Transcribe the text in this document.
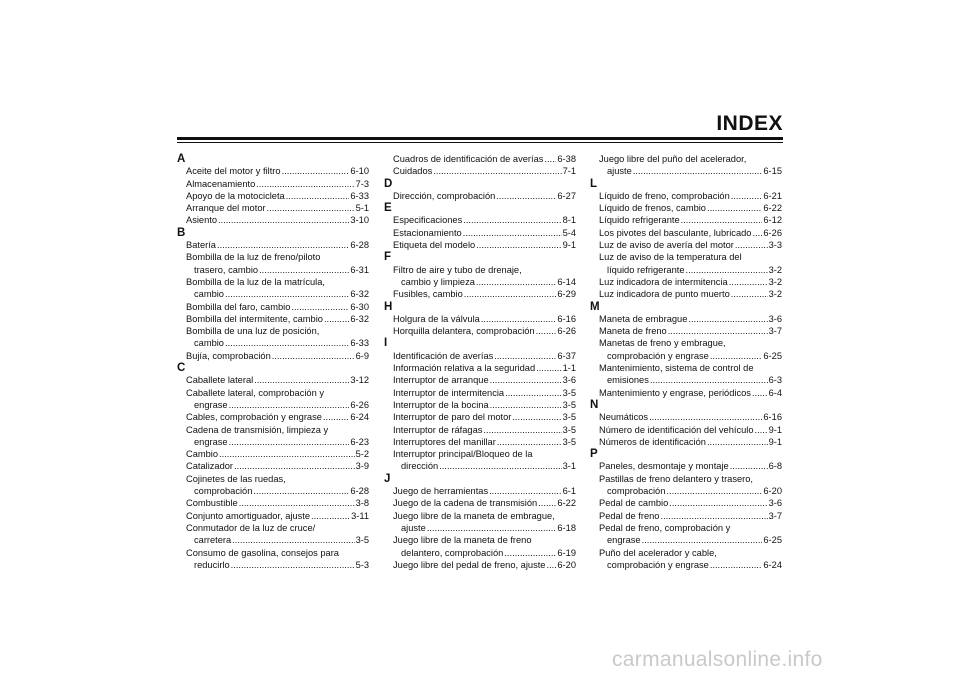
INDEX
A
Aceite del motor y filtro .....	6-10
Almacenamiento .....	7-3
Apoyo de la motocicleta .....	6-33
Arranque del motor .....	5-1
Asiento .....	3-10
B
Batería .....	6-28
Bombilla de la luz de freno/piloto
trasero, cambio .....	6-31
Bombilla de la luz de la matrícula,
cambio .....	6-32
Bombilla del faro, cambio .....	6-30
Bombilla del intermitente, cambio .....	6-32
Bombilla de una luz de posición,
cambio .....	6-33
Bujía, comprobación .....	6-9
C
Caballete lateral .....	3-12
Caballete lateral, comprobación y
engrase .....	6-26
Cables, comprobación y engrase .....	6-24
Cadena de transmisión, limpieza y
engrase .....	6-23
Cambio .....	5-2
Catalizador .....	3-9
Cojinetes de las ruedas,
comprobación .....	6-28
Combustible .....	3-8
Conjunto amortiguador, ajuste .....	3-11
Conmutador de la luz de cruce/
carretera .....	3-5
Consumo de gasolina, consejos para
reducirlo .....	5-3
Cuadros de identificación de averías ..... 6-38
Cuidados .....	7-1
D
Dirección, comprobación .....	6-27
E
Especificaciones .....	8-1
Estacionamiento .....	5-4
Etiqueta del modelo .....	9-1
F
Filtro de aire y tubo de drenaje,
cambio y limpieza .....	6-14
Fusibles, cambio .....	6-29
H
Holgura de la válvula .....	6-16
Horquilla delantera, comprobación ..... 6-26
I
Identificación de averías .....	6-37
Información relativa a la seguridad .....	1-1
Interruptor de arranque .....	3-6
Interruptor de intermitencia .....	3-5
Interruptor de la bocina .....	3-5
Interruptor de paro del motor .....	3-5
Interruptor de ráfagas .....	3-5
Interruptores del manillar .....	3-5
Interruptor principal/Bloqueo de la
dirección .....	3-1
J
Juego de herramientas .....	6-1
Juego de la cadena de transmisión ..... 6-22
Juego libre de la maneta de embrague,
ajuste .....	6-18
Juego libre de la maneta de freno
delantero, comprobación .....	6-19
Juego libre del pedal de freno, ajuste ..... 6-20
Juego libre del puño del acelerador,
ajuste .....	6-15
L
Líquido de freno, comprobación .....	6-21
Líquido de frenos, cambio .....	6-22
Líquido refrigerante .....	6-12
Los pivotes del basculante, lubricado ..... 6-26
Luz de aviso de avería del motor .....	3-3
Luz de aviso de la temperatura del
líquido refrigerante .....	3-2
Luz indicadora de intermitencia .....	3-2
Luz indicadora de punto muerto .....	3-2
M
Maneta de embrague .....	3-6
Maneta de freno .....	3-7
Manetas de freno y embrague,
comprobación y engrase .....	6-25
Mantenimiento, sistema de control de
emisiones .....	6-3
Mantenimiento y engrase, periódicos ..... 6-4
N
Neumáticos .....	6-16
Número de identificación del vehículo ..... 9-1
Números de identificación .....	9-1
P
Paneles, desmontaje y montaje .....	6-8
Pastillas de freno delantero y trasero,
comprobación .....	6-20
Pedal de cambio .....	3-6
Pedal de freno .....	3-7
Pedal de freno, comprobación y
engrase .....	6-25
Puño del acelerador y cable,
comprobación y engrase .....	6-24
carmanualsonline.info
